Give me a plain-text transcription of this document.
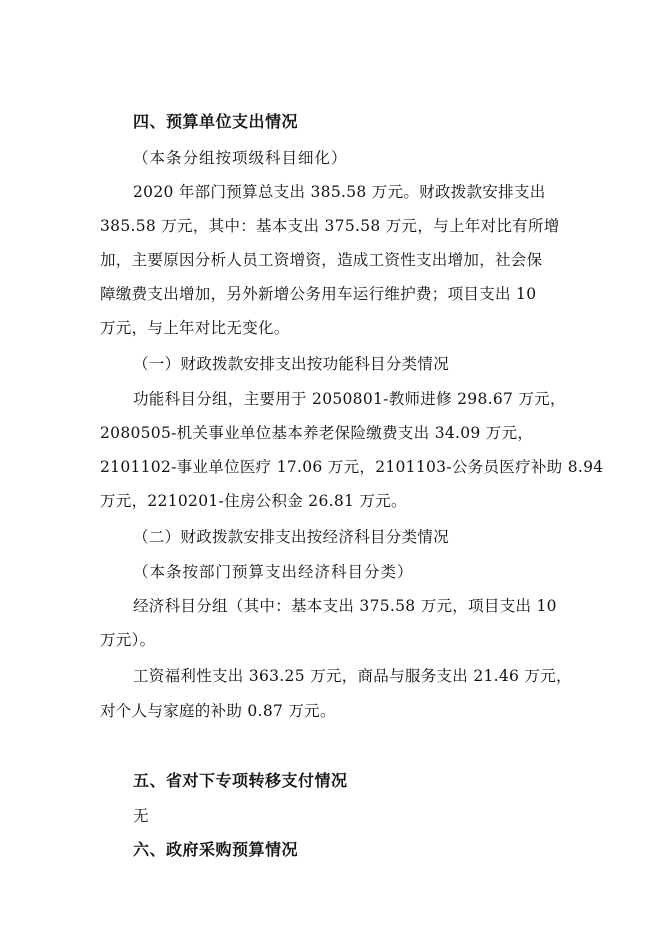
四、预算单位支出情况
（本条分组按项级科目细化）
2020 年部门预算总支出 385.58 万元。财政拨款安排支出
385.58 万元，其中：基本支出 375.58 万元，与上年对比有所增
加，主要原因分析人员工资增资，造成工资性支出增加，社会保
障缴费支出增加，另外新增公务用车运行维护费；项目支出 10
万元，与上年对比无变化。
（一）财政拨款安排支出按功能科目分类情况
功能科目分组，主要用于 2050801-教师进修 298.67 万元，
2080505-机关事业单位基本养老保险缴费支出 34.09 万元，
2101102-事业单位医疗 17.06 万元，2101103-公务员医疗补助 8.94
万元，2210201-住房公积金 26.81 万元。
（二）财政拨款安排支出按经济科目分类情况
（本条按部门预算支出经济科目分类）
经济科目分组（其中：基本支出 375.58 万元，项目支出 10
万元）。
工资福利性支出 363.25 万元，商品与服务支出 21.46 万元，
对个人与家庭的补助 0.87 万元。
五、省对下专项转移支付情况
无
六、政府采购预算情况
